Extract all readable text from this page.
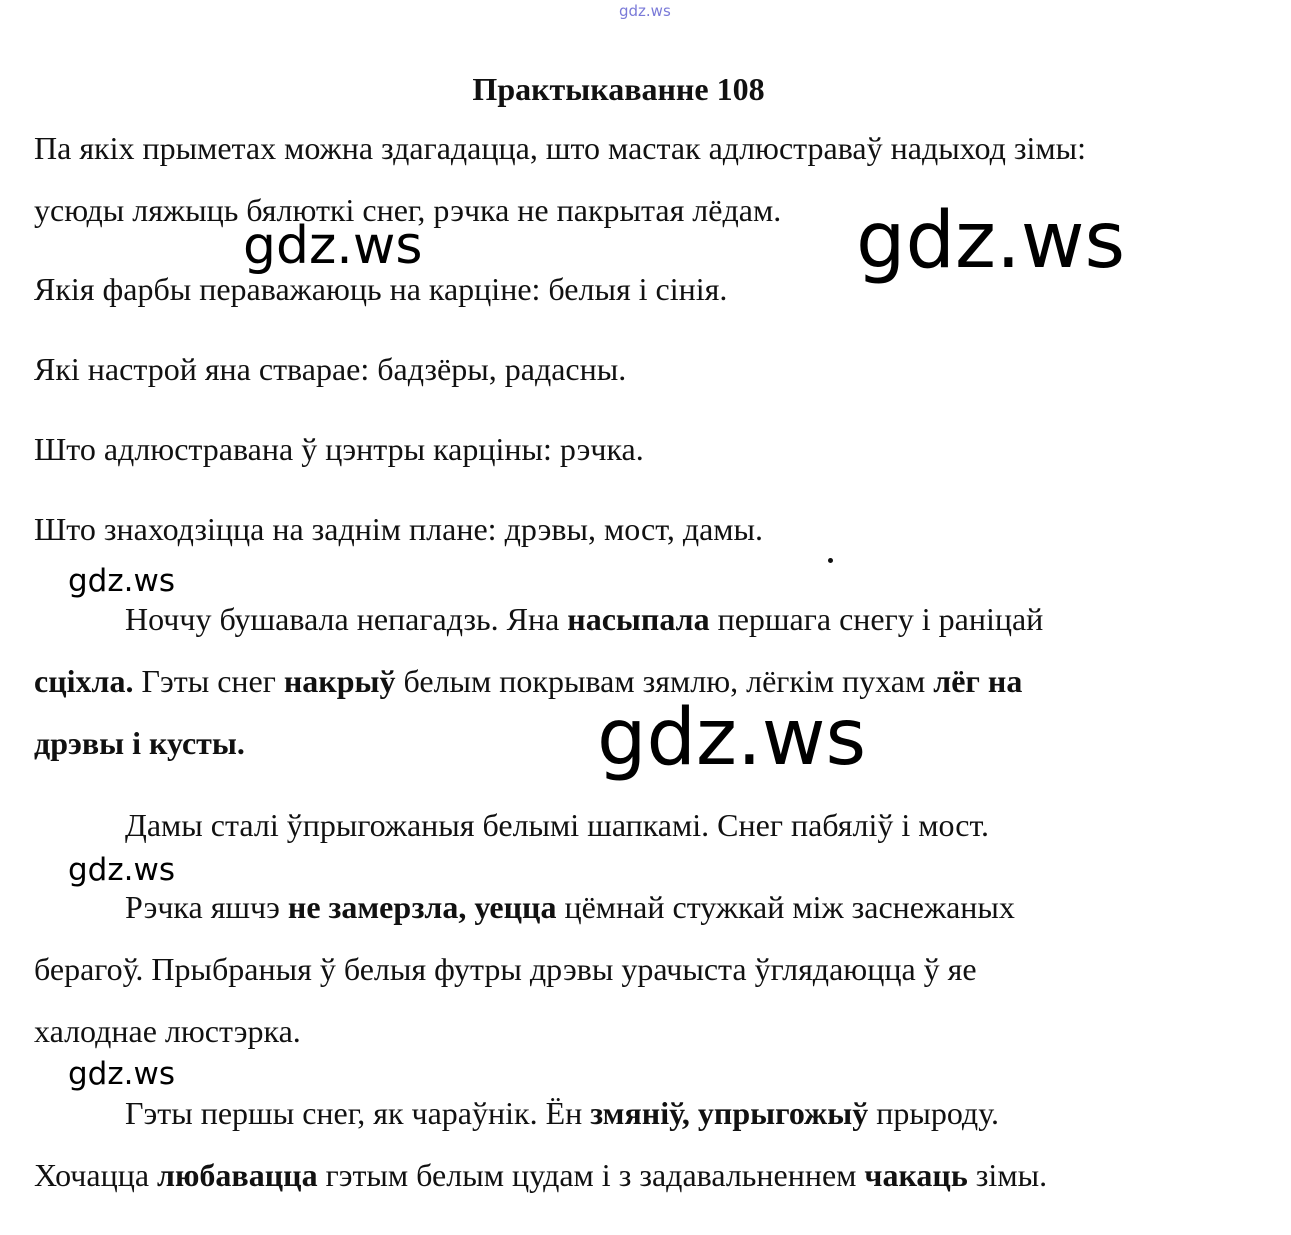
gdz.ws
Практыкаванне 108
Па якіх прыметах можна здагадацца, што мастак адлюстраваў надыход зімы:
усюды ляжыць бялюткі снег, рэчка не пакрытая лёдам.
Якія фарбы пераважаюць на карціне: белыя і сінія.
Які настрой яна стварае: бадзёры, радасны.
Што адлюстравана ў цэнтры карціны: рэчка.
Што знаходзіцца на заднім плане: дрэвы, мост, дамы.
Ноччу бушавала непагадзь. Яна насыпала першага снегу і раніцай
сціхла. Гэты снег накрыў белым покрывам зямлю, лёгкім пухам лёг на
дрэвы і кусты.
Дамы сталі ўпрыгожаныя белымі шапкамі. Снег пабяліў і мост.
Рэчка яшчэ не замерзла, уецца цёмнай стужкай між заснежаных
берагоў. Прыбраныя ў белыя футры дрэвы урачыста ўглядаюцца ў яе
халоднае люстэрка.
Гэты першы снег, як чараўнік. Ён змяніў, упрыгожыў прыроду.
Хочацца любавацца гэтым белым цудам і з задавальненнем чакаць зімы.
gdz.ws	gdz.ws
gdz.ws
gdz.ws
gdz.ws
gdz.ws
